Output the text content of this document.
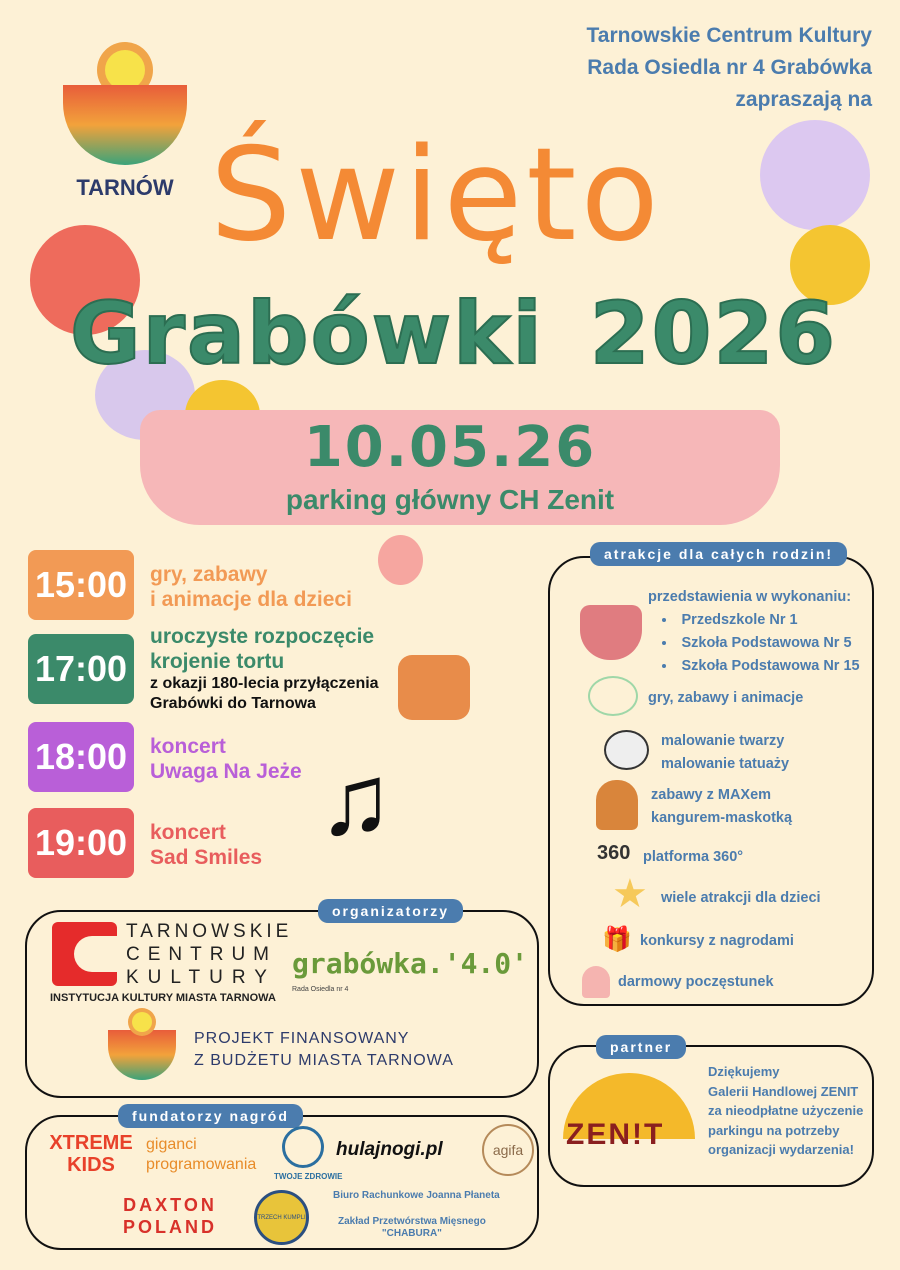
TARNÓW
Tarnowskie Centrum Kultury
Rada Osiedla nr 4 Grabówka
zapraszają na
Święto
Grabówki 2026
10.05.26
parking główny CH Zenit
15:00	gry, zabawy
i animacje dla dzieci
17:00
uroczyste rozpoczęcie
krojenie tortu
z okazji 180-lecia przyłączenia Grabówki do Tarnowa
18:00	koncert
Uwaga Na Jeże
19:00	koncert
Sad Smiles
♫
atrakcje dla całych rodzin!
przedstawienia w wykonaniu:
• Przedszkole Nr 1
• Szkoła Podstawowa Nr 5
• Szkoła Podstawowa Nr 15
gry, zabawy i animacje
malowanie twarzy
malowanie tatuaży
zabawy z MAXem
kangurem-maskotką
platforma 360°
360
wiele atrakcji dla dzieci
★
konkursy z nagrodami
🎁
darmowy poczęstunek
organizatorzy
TARNOWSKIE
CENTRUM
KULTURY
INSTYTUCJA KULTURY MIASTA TARNOWA
grabówka.'4.0'
Rada Osiedla nr 4
PROJEKT FINANSOWANY
Z BUDŻETU MIASTA TARNOWA
partner
ZEN!T
Dziękujemy
Galerii Handlowej ZENIT
za nieodpłatne użyczenie
parkingu na potrzeby
organizacji wydarzenia!
fundatorzy nagród
XTREME KIDS
giganci programowania
TWOJE ZDROWIE
hulajnogi.pl	agifa
DAXTON POLAND	TRZECH KUMPLI
Biuro Rachunkowe Joanna Płaneta
Zakład Przetwórstwa Mięsnego
"CHABURA"
